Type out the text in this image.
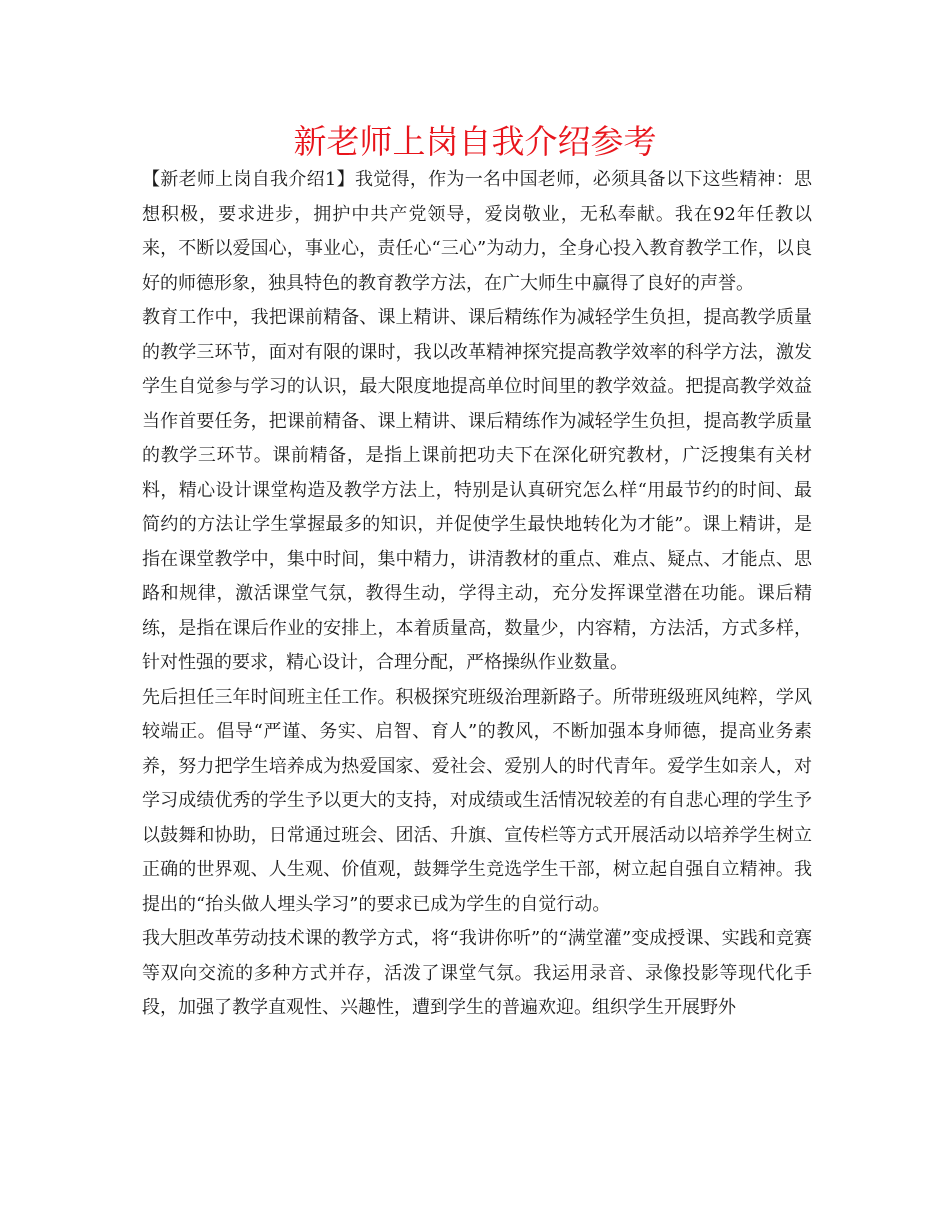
新老师上岗自我介绍参考

【新老师上岗自我介绍1】我觉得，作为一名中国老师，必须具备以下这些精神：思想积极，要求进步，拥护中共产党领导，爱岗敬业，无私奉献。我在92年任教以来，不断以爱国心，事业心，责任心“三心”为动力，全身心投入教育教学工作，以良好的师德形象，独具特色的教育教学方法，在广大师生中赢得了良好的声誉。

教育工作中，我把课前精备、课上精讲、课后精练作为减轻学生负担，提高教学质量的教学三环节，面对有限的课时，我以改革精神探究提高教学效率的科学方法，激发学生自觉参与学习的认识，最大限度地提高单位时间里的教学效益。把提高教学效益当作首要任务，把课前精备、课上精讲、课后精练作为减轻学生负担，提高教学质量的教学三环节。课前精备，是指上课前把功夫下在深化研究教材，广泛搜集有关材料，精心设计课堂构造及教学方法上，特别是认真研究怎么样“用最节约的时间、最简约的方法让学生掌握最多的知识，并促使学生最快地转化为才能”。课上精讲，是指在课堂教学中，集中时间，集中精力，讲清教材的重点、难点、疑点、才能点、思路和规律，激活课堂气氛，教得生动，学得主动，充分发挥课堂潜在功能。课后精练，是指在课后作业的安排上，本着质量高，数量少，内容精，方法活，方式多样，针对性强的要求，精心设计，合理分配，严格操纵作业数量。

先后担任三年时间班主任工作。积极探究班级治理新路子。所带班级班风纯粹，学风较端正。倡导“严谨、务实、启智、育人”的教风，不断加强本身师德，提高业务素养，努力把学生培养成为热爱国家、爱社会、爱别人的时代青年。爱学生如亲人，对学习成绩优秀的学生予以更大的支持，对成绩或生活情况较差的有自悲心理的学生予以鼓舞和协助，日常通过班会、团活、升旗、宣传栏等方式开展活动以培养学生树立正确的世界观、人生观、价值观，鼓舞学生竞选学生干部，树立起自强自立精神。我提出的“抬头做人埋头学习”的要求已成为学生的自觉行动。

我大胆改革劳动技术课的教学方式，将“我讲你听”的“满堂灌”变成授课、实践和竞赛等双向交流的多种方式并存，活泼了课堂气氛。我运用录音、录像投影等现代化手段，加强了教学直观性、兴趣性，遭到学生的普遍欢迎。组织学生开展野外
